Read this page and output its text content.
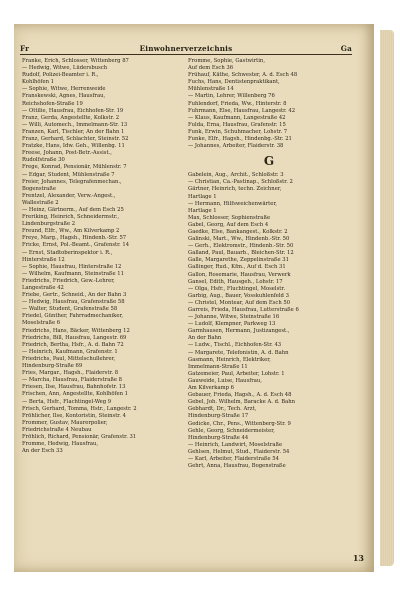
Fr	Einwohnerverzeichnis	Ga
Franke, Erich, Schlosser, Wittenberg 87
— Hedwig, Witwe, Lüdersbusch
Rudolf, Polizei-Beamter i. R.,
Kohlhöfen 1
— Sophie, Witwe, Herrenweide
Franskewski, Agnes, Hausfrau,
Reichshofen-Straße 19
— Ottilie, Hausfrau, Eichhofen-Str. 19
Franz, Gerda, Angestellte, Kolkstr. 2
— Willi, Automech., Immelmann-Str. 13
Franzen, Karl, Tischler, An der Bahn 1
Franz, Gerhard, Schlachter, Steinstr. 52
Fratzke, Hans, Idw. Geh., Willenbg. 11
Freese, Johann, Post-Betr.-Assist.,
Rudolfstraße 30
Frege, Konrad, Pensionär, Mühlenstr. 7
— Edgar, Student, Mühlenstraße 7
Freier, Johannes, Telegrafenmechan.,
Bogenstraße
Frentzel, Alexander, Verw.-Angest.,
Wallestraße 2
— Heinz, Gärtnerm., Auf dem Esch 25
Freriking, Heinrich, Schneidermstr.,
Lindenburgstraße 2
Freund, Elfr., Ww., Am Kilverkamp 2
Freye, Marg., Hagsh., Hindenb.-Str. 57
Fricke, Ernst, Pol.-Beamt., Grafenstr. 14
— Ernst, Stadtoberinspektor i. R.,
Hinterstraße 12
— Sophie, Hausfrau, Hinterstraße 12
— Wilhelm, Kaufmann, Steinstraße 11
Friedrichs, Friedrich, Gew.-Lehrer,
Langestraße 42
Friebe, Gertr., Schneid., An der Bahn 3
— Hedwig, Hausfrau, Grafenstraße 58
— Walter, Student, Grafenstraße 58
Friedel, Günther, Fahrradmechaniker,
Moselstraße 6
Friedrichs, Hans, Bäcker, Wittenberg 12
Friedrichs, Bill, Hausfrau, Langestr. 69
Friedrich, Bertha, Hsfr., A. d. Bahn 72
— Heinrich, Kaufmann, Grafenstr. 1
Friedrichs, Paul, Mittelschullehrer,
Hindenburg-Straße 69
Fries, Margar., Hagsh., Flaiderstr. 8
— Marcha, Hausfrau, Flaiderstraße 8
Friesen, Ilse, Hausfrau, Bahnhofstr. 13
Frischen, Ann, Angestellte, Kohlhöfen 1
— Berta, Hsfr., Flachtingel-Weg 9
Frisch, Gerhard, Tomma, Hstr., Langestr. 2
Fröhlicher, Ilse, Kontoristin, Steinstr. 4
Frommer, Gustav, Maurerpolier,
Friedrichstraße 4 Neubau
Fröhlich, Richard, Pensionär, Grafenstr. 31
Fromme, Hedwig, Hausfrau,
An der Esch 33
Fromme, Sophie, Gastwirtin,
Auf dem Esch 36
Frühauf, Käthe, Schwester, A. d. Esch 48
Fuchs, Hans, Dentistenpraktikant,
Mühlenstraße 14
— Martin, Lehrer, Willenberg 76
Fuhlendorf, Frieda, Ww., Hinterstr. 8
Fuhrmann, Else, Hausfrau, Langestr. 42
— Klaus, Kaufmann, Langestraße 42
Fulda, Erna, Hausfrau, Grafenstr. 15
Funk, Erwin, Schuhmacher, Lohstr. 7
Funke, Elfr., Hagsh., Hindenbg.-Str. 21
— Johannes, Arbeiter, Flaiderstr. 38
G
Gabelein, Aug., Archit., Schloßstr. 3
— Christian, Ca.-Pastinap., Schloßstr. 2
Gärtner, Heinrich, techn. Zeichner,
Hartlage 1
— Hermann, Hilfsweichenwärter,
Hartlage 1
Max, Schlosser, Sophienstraße
Gabel, Georg, Auf dem Esch 4
Gaedke, Else, Bankangest., Kolkstr. 2
Galinski, Mart., Ww., Hindenb.-Str. 50
— Gerh., Elektromstr., Hindenb.-Str. 50
Galland, Paul, Bauarb., Bleichen-Str. 12
Galle, Margarethe, Zeppelinstraße 31
Gallinger, Rud., Kfm., Auf d. Esch 31
Gallon, Rosemarie, Hausfrau, Verwerk
Gansel, Edith, Hausgeh., Lohstr. 17
— Olga, Hsfr., Fluchtingel, Moselstr.
Garbig, Aug., Bauer, Vosskuhlenfeld 3
— Christel, Montear, Auf dem Esch 50
Garreis, Frieda, Hausfrau, Lutterstraße 6
— Johanne, Witwe, Steinstraße 16
— Ludolf, Klempner, Parkweg 13
Garmhausen, Hermann, Justizangest.,
An der Bahn
— Ludw., Tischl., Eichhofen-Str. 43
— Margarete, Telefonistin, A. d. Bahn
Gasmann, Heinrich, Elektriker,
Immelmann-Straße 11
Gatzemeier, Paul, Arbeiter, Lohstr. 1
Gauweide, Luise, Hausfrau,
Am Kilverkamp 6
Gebauer, Frieda, Hagsh., A. d. Esch 48
Gebel, Joh. Wilhelm, Baracke A. d. Bahn
Gebhardt, Dr., Tech. Arzt,
Hindenburg-Straße 17
Gedicke, Chr., Pens., Wittenberg-Str. 9
Gehle, Georg, Schneidermeister,
Hindenburg-Straße 44
— Heinrich, Landwirt, Moselstraße
Gehlsen, Helmut, Stud., Flaiderstr. 54
— Karl, Arbeiter, Flaiderstraße 54
Gehrt, Anna, Hausfrau, Bogenstraße
13
